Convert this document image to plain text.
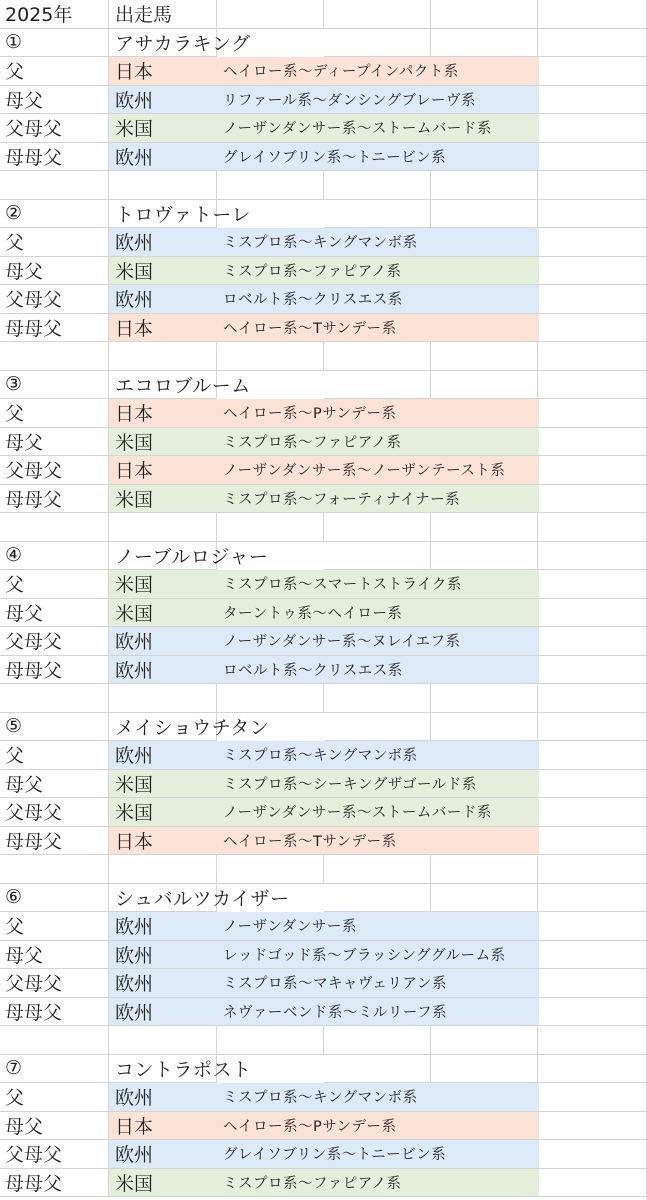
2025年	出走馬
①	アサカラキング
父	日本	ヘイロー系～ディープインパクト系
母父	欧州	リファール系～ダンシングブレーヴ系
父母父	米国	ノーザンダンサー系～ストームバード系
母母父	欧州	グレイソブリン系～トニービン系
②	トロヴァトーレ
父	欧州	ミスプロ系～キングマンボ系
母父	米国	ミスプロ系～ファピアノ系
父母父	欧州	ロベルト系～クリスエス系
母母父	日本	ヘイロー系～Tサンデー系
③	エコロブルーム
父	日本	ヘイロー系～Pサンデー系
母父	米国	ミスプロ系～ファピアノ系
父母父	日本	ノーザンダンサー系～ノーザンテースト系
母母父	米国	ミスプロ系～フォーティナイナー系
④	ノーブルロジャー
父	米国	ミスプロ系～スマートストライク系
母父	米国	ターントゥ系～ヘイロー系
父母父	欧州	ノーザンダンサー系～ヌレイエフ系
母母父	欧州	ロベルト系～クリスエス系
⑤	メイショウチタン
父	欧州	ミスプロ系～キングマンボ系
母父	米国	ミスプロ系～シーキングザゴールド系
父母父	米国	ノーザンダンサー系～ストームバード系
母母父	日本	ヘイロー系～Tサンデー系
⑥	シュバルツカイザー
父	欧州	ノーザンダンサー系
母父	欧州	レッドゴッド系～ブラッシンググルーム系
父母父	欧州	ミスプロ系～マキャヴェリアン系
母母父	欧州	ネヴァーベンド系～ミルリーフ系
⑦	コントラポスト
父	欧州	ミスプロ系～キングマンボ系
母父	日本	ヘイロー系～Pサンデー系
父母父	欧州	グレイソブリン系～トニービン系
母母父	米国	ミスプロ系～ファピアノ系
